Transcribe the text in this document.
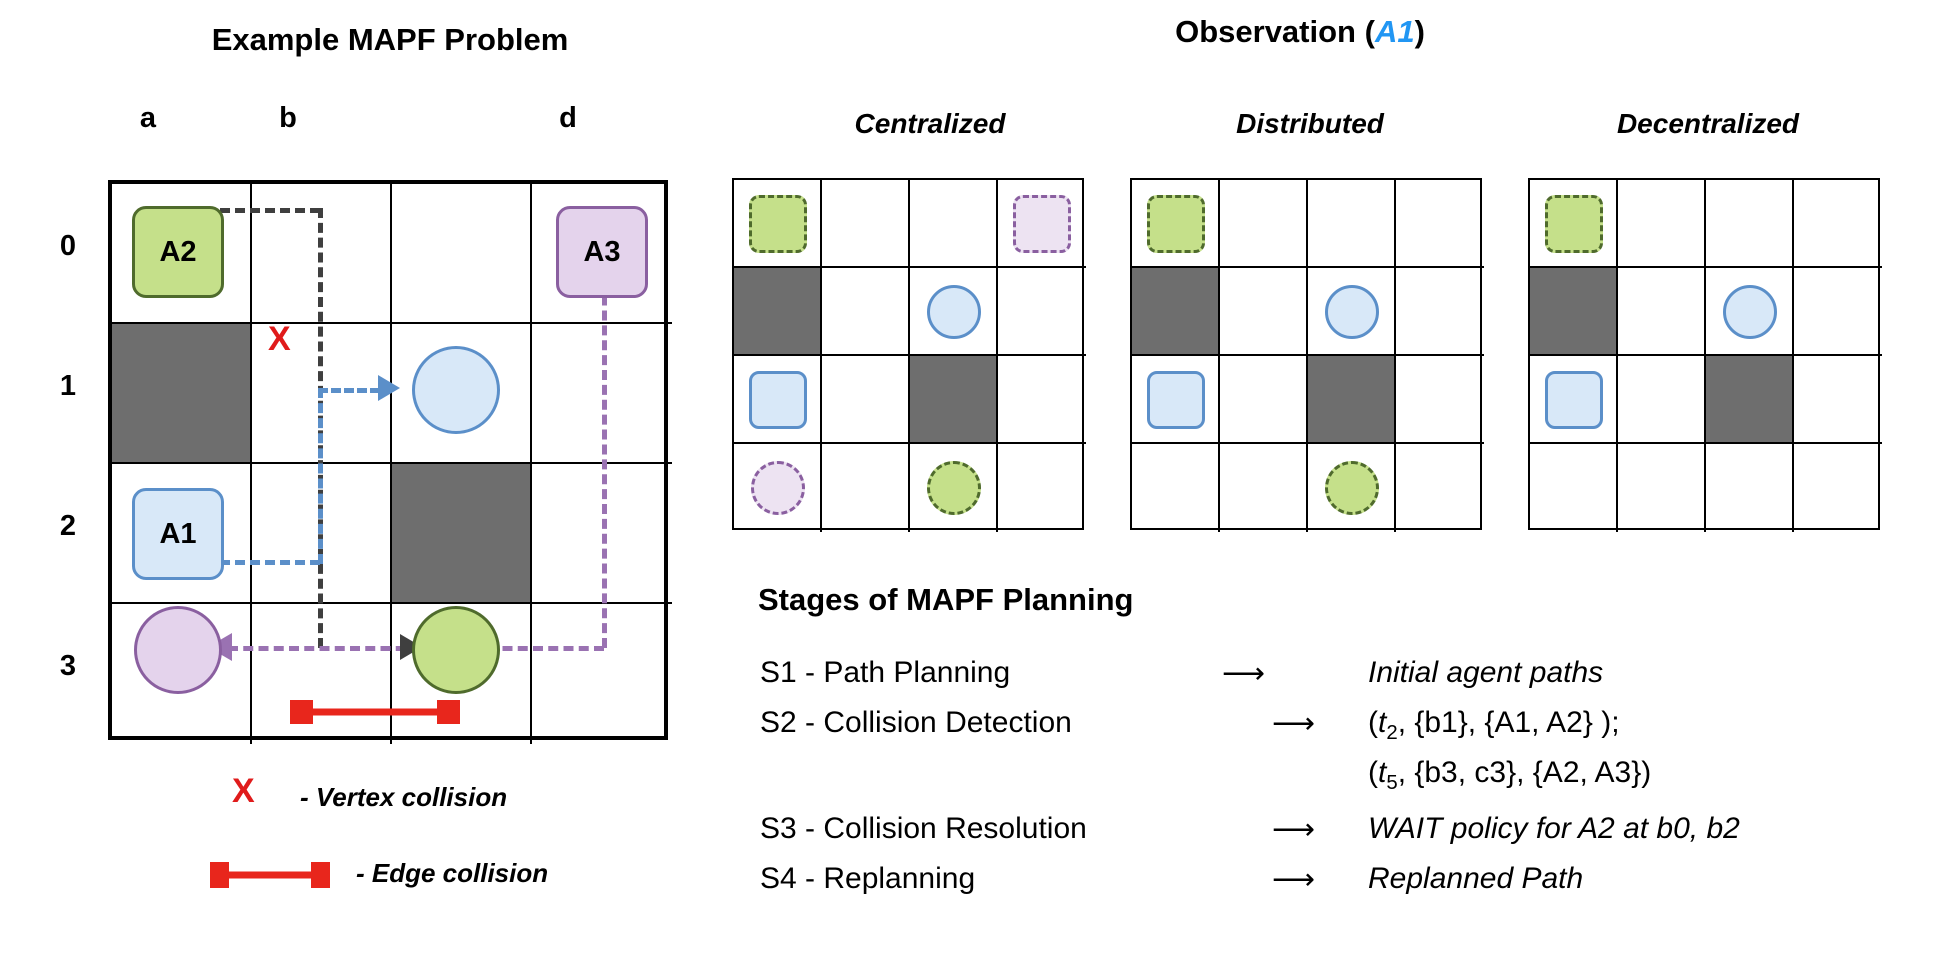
Example MAPF Problem
a	b	d
0
1
2
3
A2	A3
A1
X
X - Vertex collision
- Edge collision
Observation (A1)
Centralized	Distributed	Decentralized
Stages of MAPF Planning
S1 - Path Planning	⟶	Initial agent paths
S2 - Collision Detection	⟶ ($t_2$, {b1}, {A1, A2} );
($t_5$, {b3, c3}, {A2, A3})
S3 - Collision Resolution	⟶ WAIT policy for A2 at b0, b2
S4 - Replanning	⟶ Replanned Path
